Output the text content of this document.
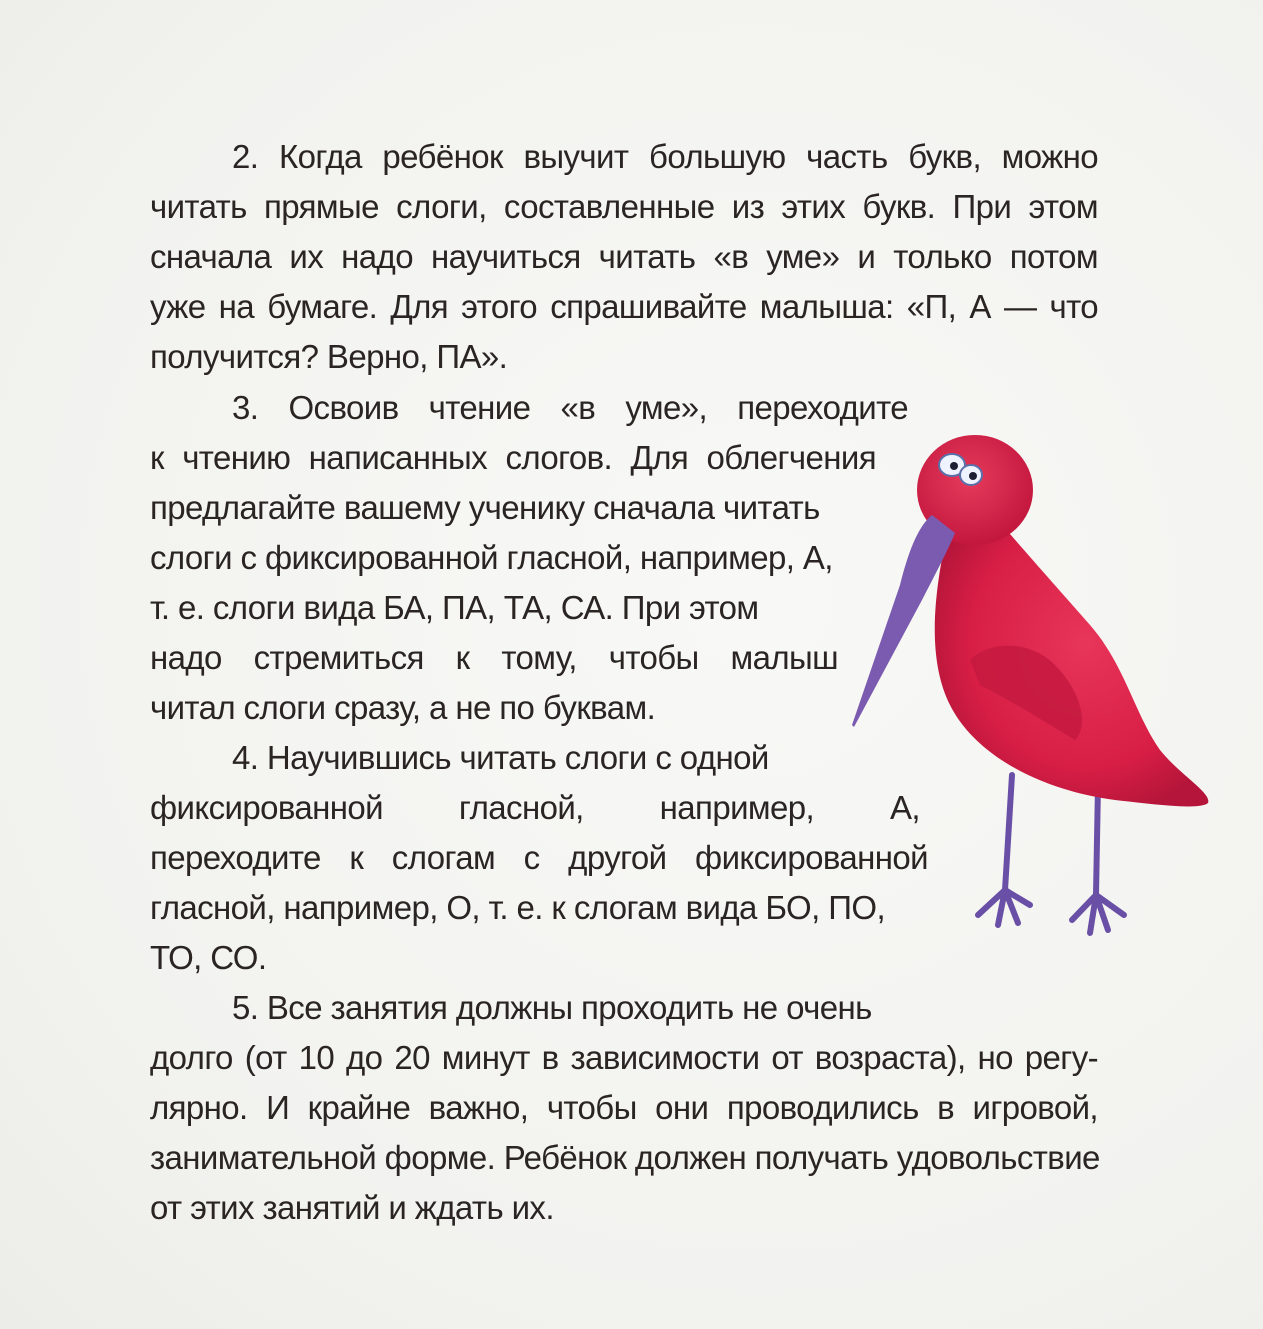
2. Когда ребёнок выучит большую часть букв, можно
читать прямые слоги, составленные из этих букв. При этом
сначала их надо научиться читать «в уме» и только потом
уже на бумаге. Для этого спрашивайте малыша: «П, А — что
получится? Верно, ПА».
3. Освоив чтение «в уме», переходите
к чтению написанных слогов. Для облегчения
предлагайте вашему ученику сначала читать
слоги с фиксированной гласной, например, А,
т. е. слоги вида БА, ПА, ТА, СА. При этом
надо стремиться к тому, чтобы малыш
читал слоги сразу, а не по буквам.
4. Научившись читать слоги с одной
фиксированной гласной, например, А,
переходите к слогам с другой фиксированной
гласной, например, О, т. е. к слогам вида БО, ПО,
ТО, СО.
5. Все занятия должны проходить не очень
долго (от 10 до 20 минут в зависимости от возраста), но регу-
лярно. И крайне важно, чтобы они проводились в игровой,
занимательной форме. Ребёнок должен получать удовольствие
от этих занятий и ждать их.
